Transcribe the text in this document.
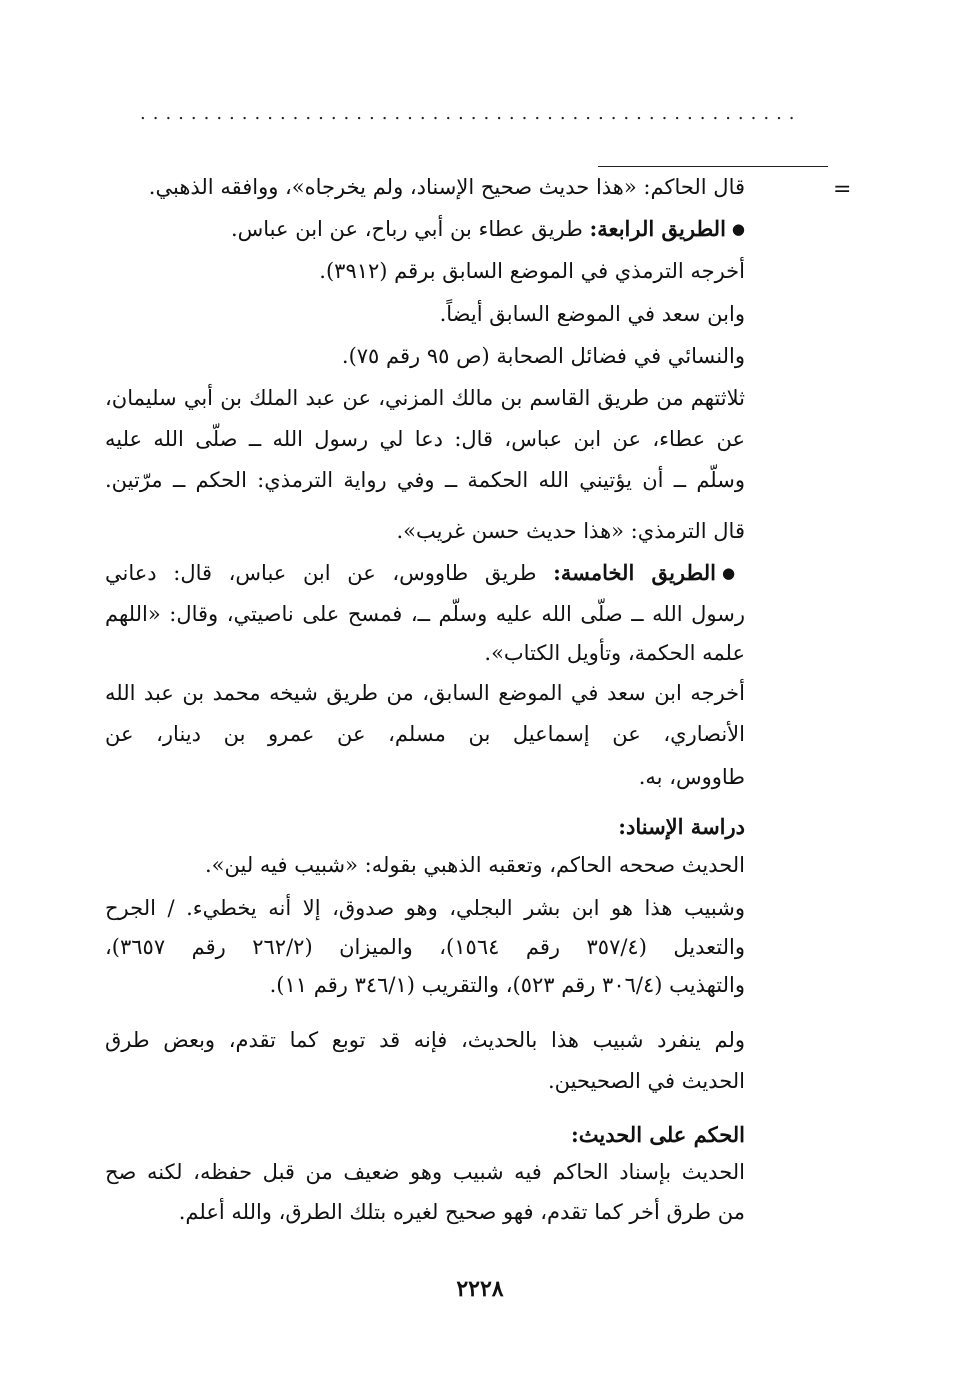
....................................................
=
قال الحاكم: «هذا حديث صحيح الإسناد، ولم يخرجاه»، ووافقه الذهبي.
● الطريق الرابعة: طريق عطاء بن أبي رباح، عن ابن عباس.
أخرجه الترمذي في الموضع السابق برقم (٣٩١٢).
وابن سعد في الموضع السابق أيضاً.
والنسائي في فضائل الصحابة (ص ٩٥ رقم ٧٥).
ثلاثتهم من طريق القاسم بن مالك المزني، عن عبد الملك بن أبي سليمان،
عن عطاء، عن ابن عباس، قال: دعا لي رسول الله ــ صلّى الله عليه
وسلّم ــ أن يؤتيني الله الحكمة ــ وفي رواية الترمذي: الحكم ــ مرّتين.
قال الترمذي: «هذا حديث حسن غريب».
● الطريق الخامسة: طريق طاووس، عن ابن عباس، قال: دعاني
رسول الله ــ صلّى الله عليه وسلّم ــ، فمسح على ناصيتي، وقال: «اللهم
علمه الحكمة، وتأويل الكتاب».
أخرجه ابن سعد في الموضع السابق، من طريق شيخه محمد بن عبد الله
الأنصاري، عن إسماعيل بن مسلم، عن عمرو بن دينار، عن
طاووس، به.
دراسة الإسناد:
الحديث صححه الحاكم، وتعقبه الذهبي بقوله: «شبيب فيه لين».
وشبيب هذا هو ابن بشر البجلي، وهو صدوق، إلا أنه يخطيء. / الجرح
والتعديل (٣٥٧/٤ رقم ١٥٦٤)، والميزان (٢٦٢/٢ رقم ٣٦٥٧)،
والتهذيب (٣٠٦/٤ رقم ٥٢٣)، والتقريب (٣٤٦/١ رقم ١١).
ولم ينفرد شبيب هذا بالحديث، فإنه قد توبع كما تقدم، وبعض طرق
الحديث في الصحيحين.
الحكم على الحديث:
الحديث بإسناد الحاكم فيه شبيب وهو ضعيف من قبل حفظه، لكنه صح
من طرق أخر كما تقدم، فهو صحيح لغيره بتلك الطرق، والله أعلم.
٢٢٢٨
